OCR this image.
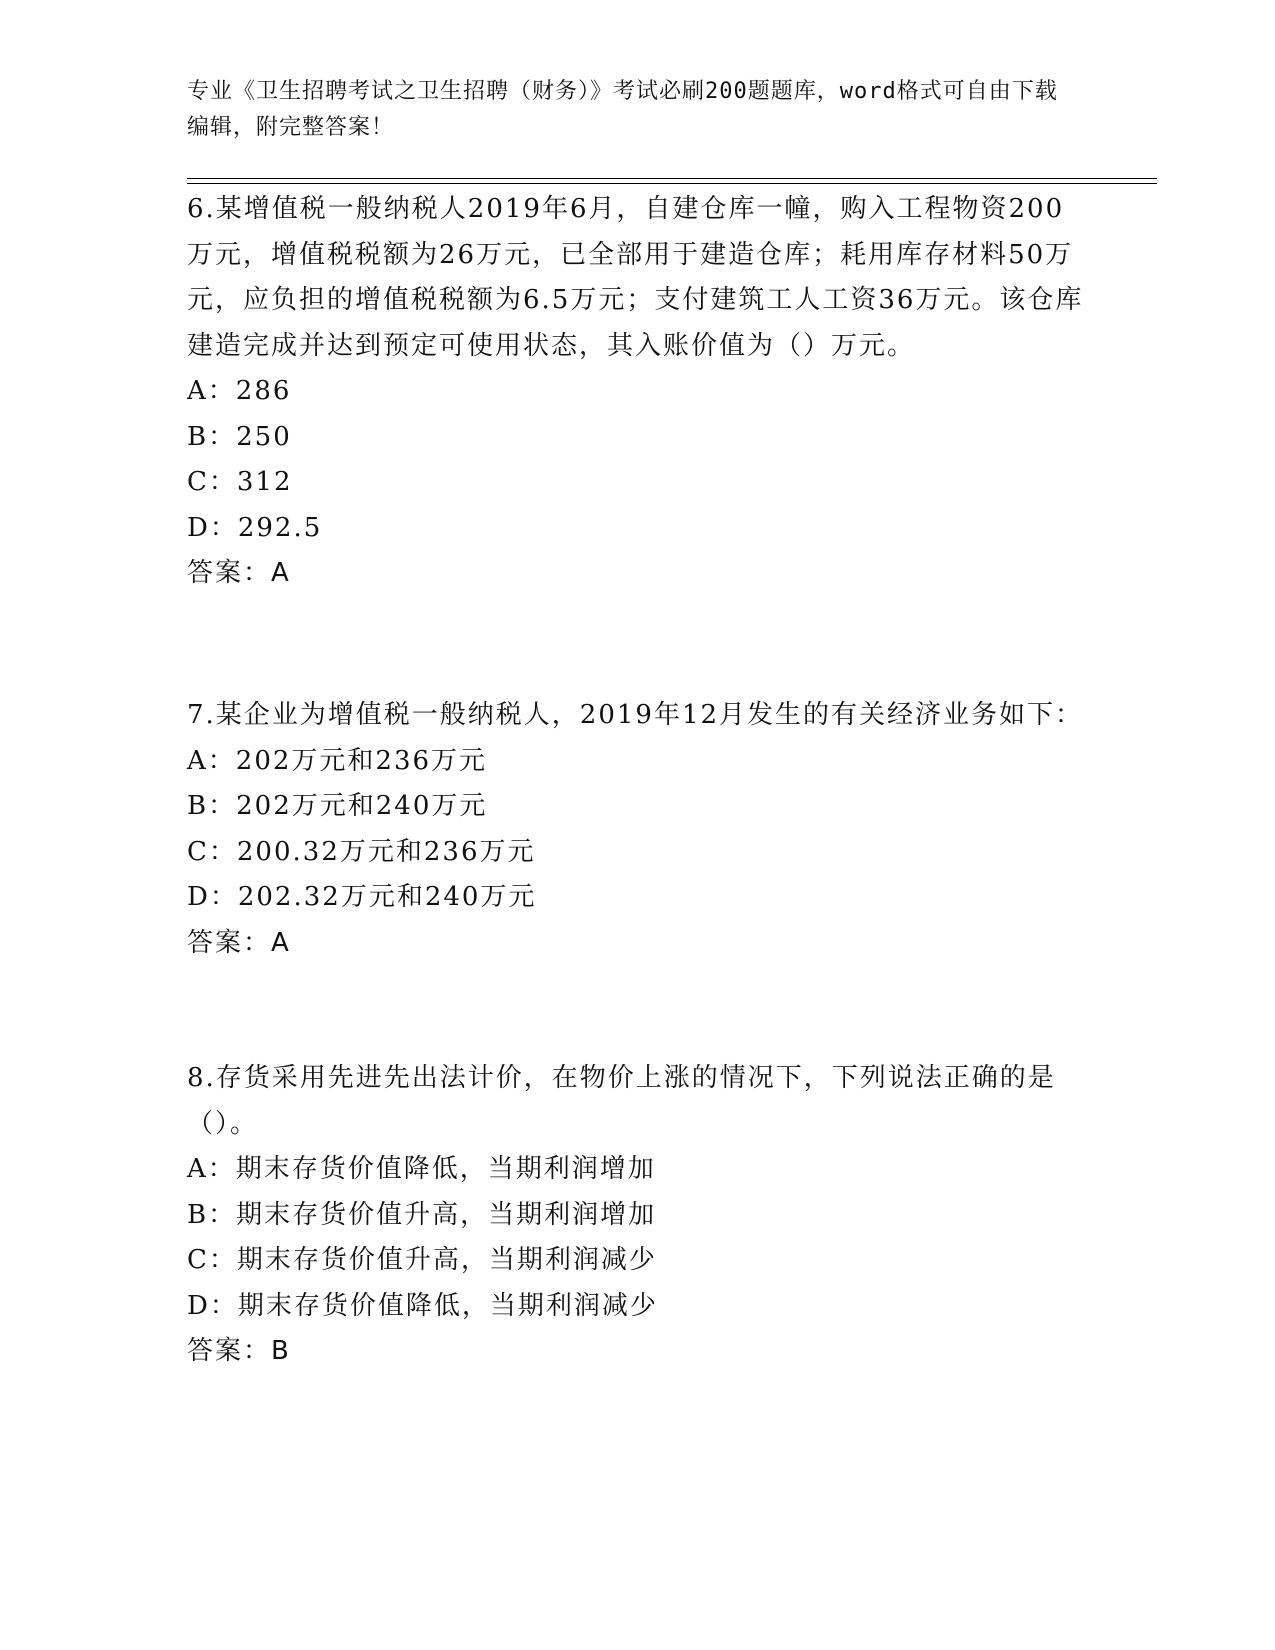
专业《卫生招聘考试之卫生招聘（财务）》考试必刷200题题库，word格式可自由下载编辑，附完整答案！
6.某增值税一般纳税人2019年6月，自建仓库一幢，购入工程物资200万元，增值税税额为26万元，已全部用于建造仓库；耗用库存材料50万元，应负担的增值税税额为6.5万元；支付建筑工人工资36万元。该仓库建造完成并达到预定可使用状态，其入账价值为（）万元。
A：286
B：250
C：312
D：292.5
答案：A
7.某企业为增值税一般纳税人，2019年12月发生的有关经济业务如下：
A：202万元和236万元
B：202万元和240万元
C：200.32万元和236万元
D：202.32万元和240万元
答案：A
8.存货采用先进先出法计价，在物价上涨的情况下，下列说法正确的是（）。
A：期末存货价值降低，当期利润增加
B：期末存货价值升高，当期利润增加
C：期末存货价值升高，当期利润减少
D：期末存货价值降低，当期利润减少
答案：B
